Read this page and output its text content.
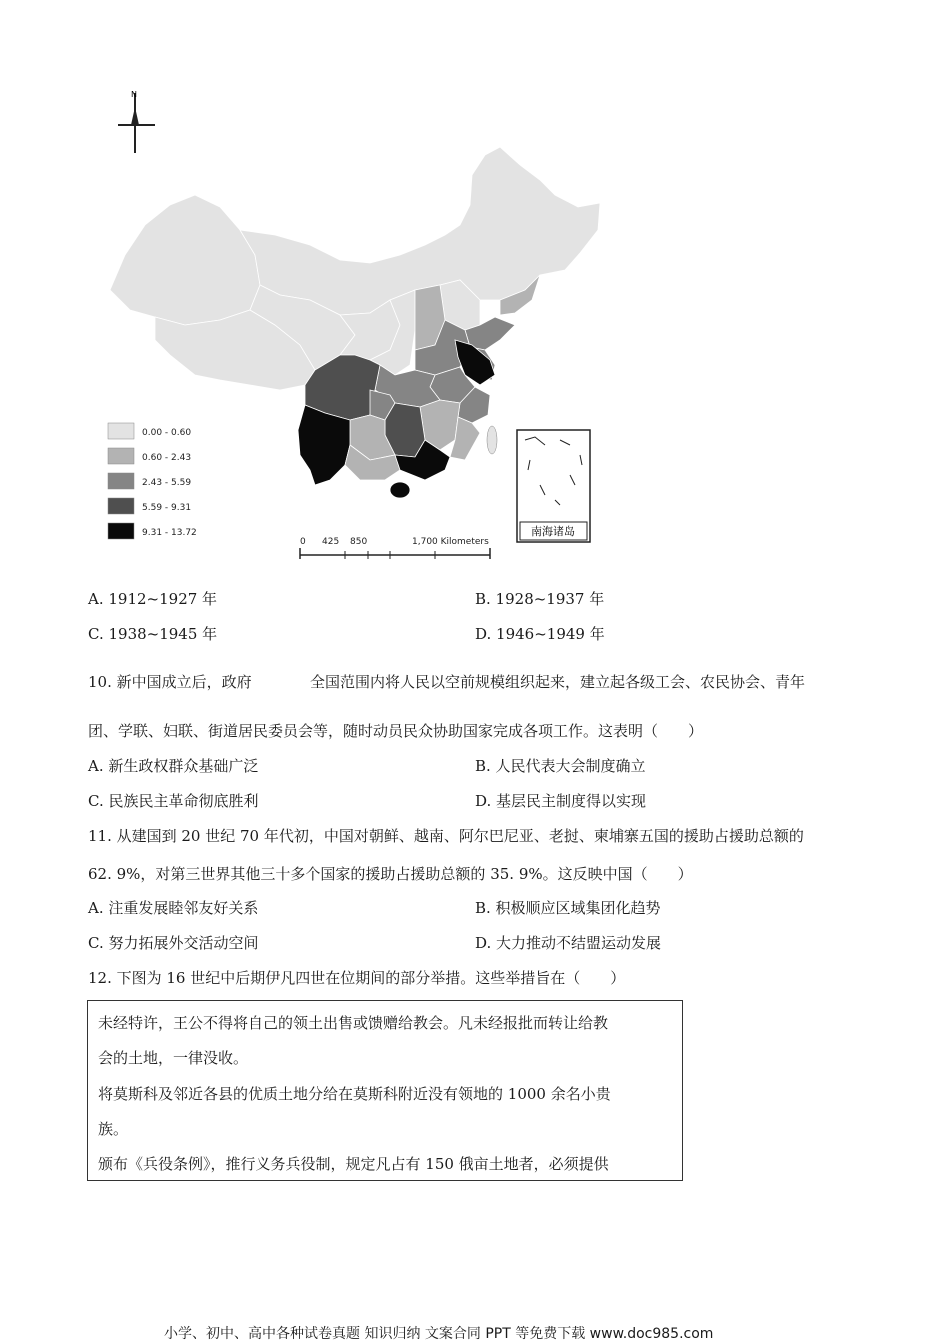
N
南海诸岛
0.00 - 0.60
0.60 - 2.43
2.43 - 5.59
5.59 - 9.31
9.31 - 13.72
0 425 850	1,700 Kilometers
A. 1912~1927 年	B. 1928~1937 年
C. 1938~1945 年	D. 1946~1949 年
10. 新中国成立后，政府	全国范围内将人民以空前规模组织起来，建立起各级工会、农民协会、青年
团、学联、妇联、街道居民委员会等，随时动员民众协助国家完成各项工作。这表明（　　）
A. 新生政权群众基础广泛	B. 人民代表大会制度确立
C. 民族民主革命彻底胜利	D. 基层民主制度得以实现
11. 从建国到 20 世纪 70 年代初，中国对朝鲜、越南、阿尔巴尼亚、老挝、柬埔寨五国的援助占援助总额的
62. 9%，对第三世界其他三十多个国家的援助占援助总额的 35. 9%。这反映中国（　　）
A. 注重发展睦邻友好关系	B. 积极顺应区域集团化趋势
C. 努力拓展外交活动空间	D. 大力推动不结盟运动发展
12. 下图为 16 世纪中后期伊凡四世在位期间的部分举措。这些举措旨在（　　）
未经特许，王公不得将自己的领土出售或馈赠给教会。凡未经报批而转让给教
会的土地，一律没收。
将莫斯科及邻近各县的优质土地分给在莫斯科附近没有领地的 1000 余名小贵
族。
颁布《兵役条例》，推行义务兵役制，规定凡占有 150 俄亩土地者，必须提供
小学、初中、高中各种试卷真题 知识归纳 文案合同 PPT 等免费下载 www.doc985.com
